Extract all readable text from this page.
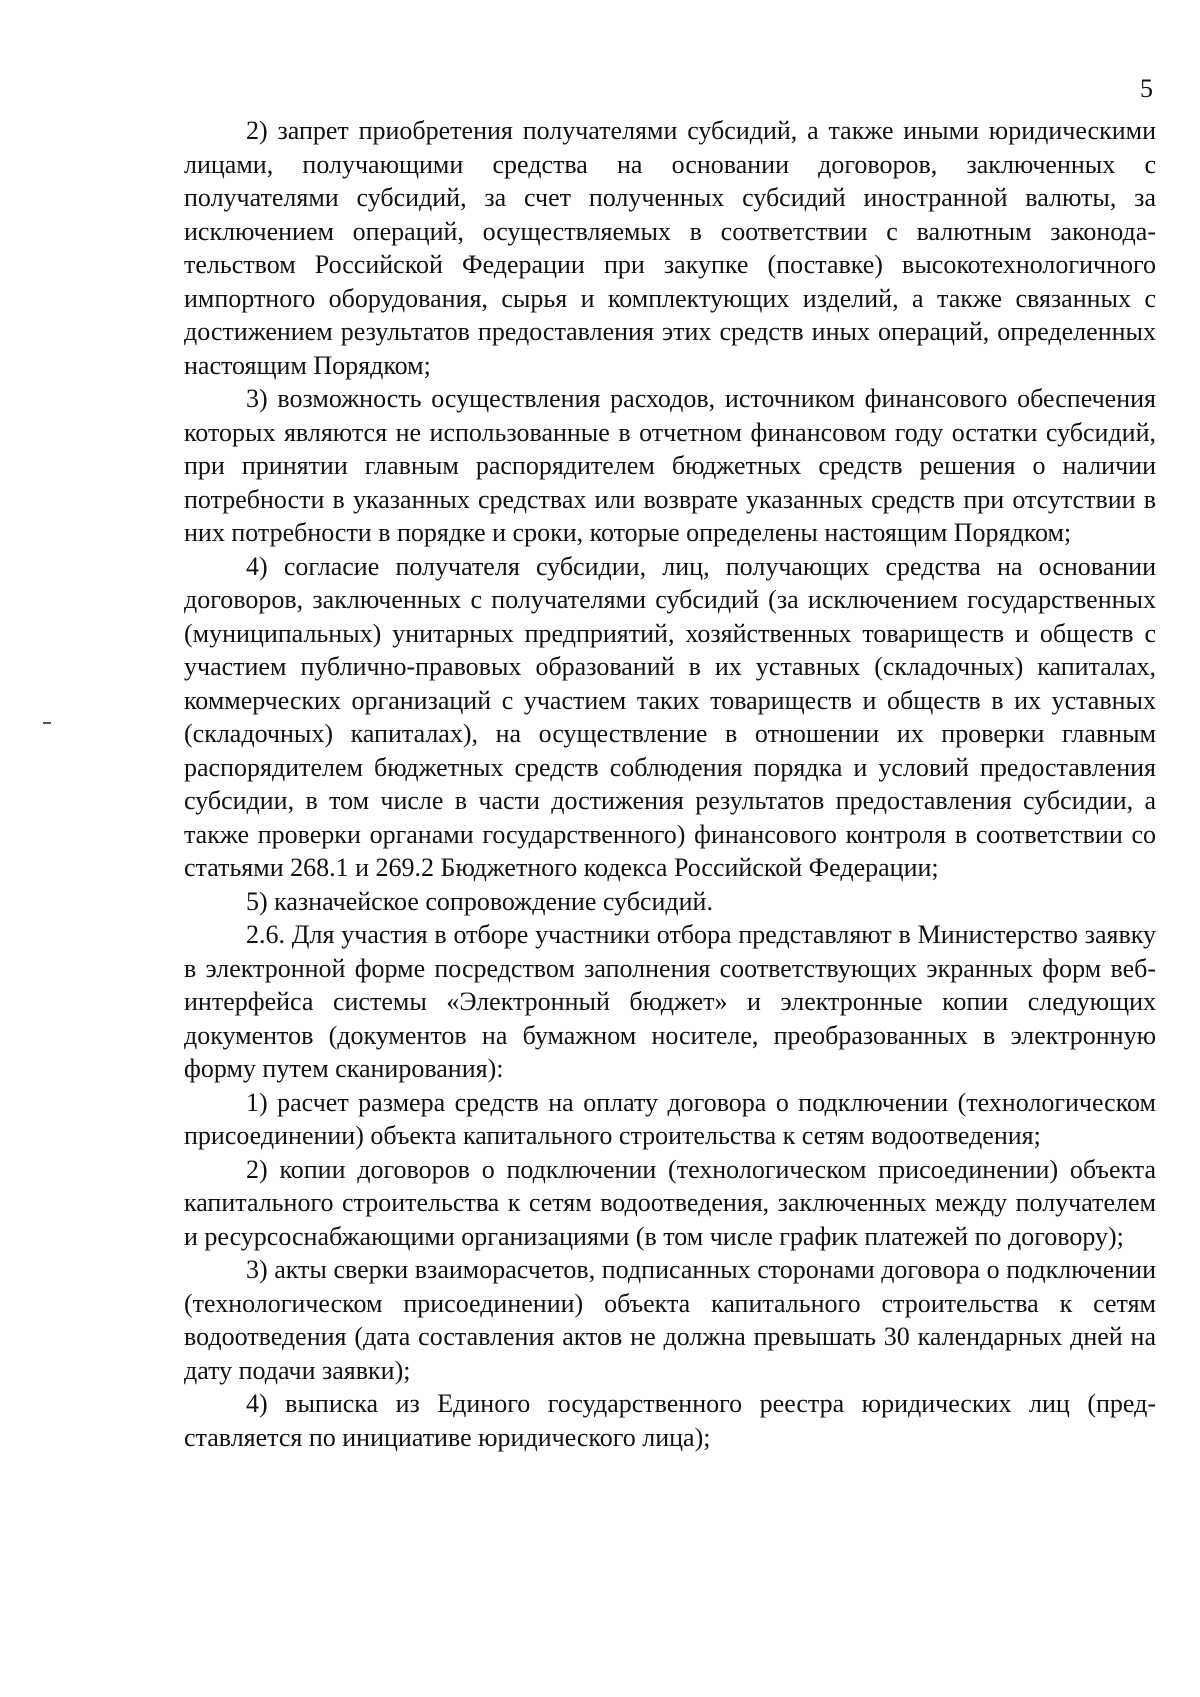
5

2) запрет приобретения получателями субсидий, а также иными юридическими лицами, получающими средства на основании договоров, заключенных с получателями субсидий, за счет полученных субсидий иностранной валюты, за исключением операций, осуществляемых в соответствии с валютным законодательством Российской Федерации при закупке (поставке) высокотехнологичного импортного оборудования, сырья и комплектующих изделий, а также связанных с достижением результатов предоставления этих средств иных операций, определенных настоящим Порядком;

3) возможность осуществления расходов, источником финансового обеспечения которых являются не использованные в отчетном финансовом году остатки субсидий, при принятии главным распорядителем бюджетных средств решения о наличии потребности в указанных средствах или возврате указанных средств при отсутствии в них потребности в порядке и сроки, которые определены настоящим Порядком;

4) согласие получателя субсидии, лиц, получающих средства на основании договоров, заключенных с получателями субсидий (за исключением государственных (муниципальных) унитарных предприятий, хозяйственных товариществ и обществ с участием публично-правовых образований в их уставных (складочных) капиталах, коммерческих организаций с участием таких товариществ и обществ в их уставных (складочных) капиталах), на осуществление в отношении их проверки главным распорядителем бюджетных средств соблюдения порядка и условий предоставления субсидии, в том числе в части достижения результатов предоставления субсидии, а также проверки органами государственного) финансового контроля в соответствии со статьями 268.1 и 269.2 Бюджетного кодекса Российской Федерации;

5) казначейское сопровождение субсидий.

2.6. Для участия в отборе участники отбора представляют в Министерство заявку в электронной форме посредством заполнения соответствующих экранных форм веб-интерфейса системы «Электронный бюджет» и электронные копии следующих документов (документов на бумажном носителе, преобразованных в электронную форму путем сканирования):

1) расчет размера средств на оплату договора о подключении (технологическом присоединении) объекта капитального строительства к сетям водоотведения;

2) копии договоров о подключении (технологическом присоединении) объекта капитального строительства к сетям водоотведения, заключенных между получателем и ресурсоснабжающими организациями (в том числе график платежей по договору);

3) акты сверки взаиморасчетов, подписанных сторонами договора о подключении (технологическом присоединении) объекта капитального строительства к сетям водоотведения (дата составления актов не должна превышать 30 календарных дней на дату подачи заявки);

4) выписка из Единого государственного реестра юридических лиц (представляется по инициативе юридического лица);
